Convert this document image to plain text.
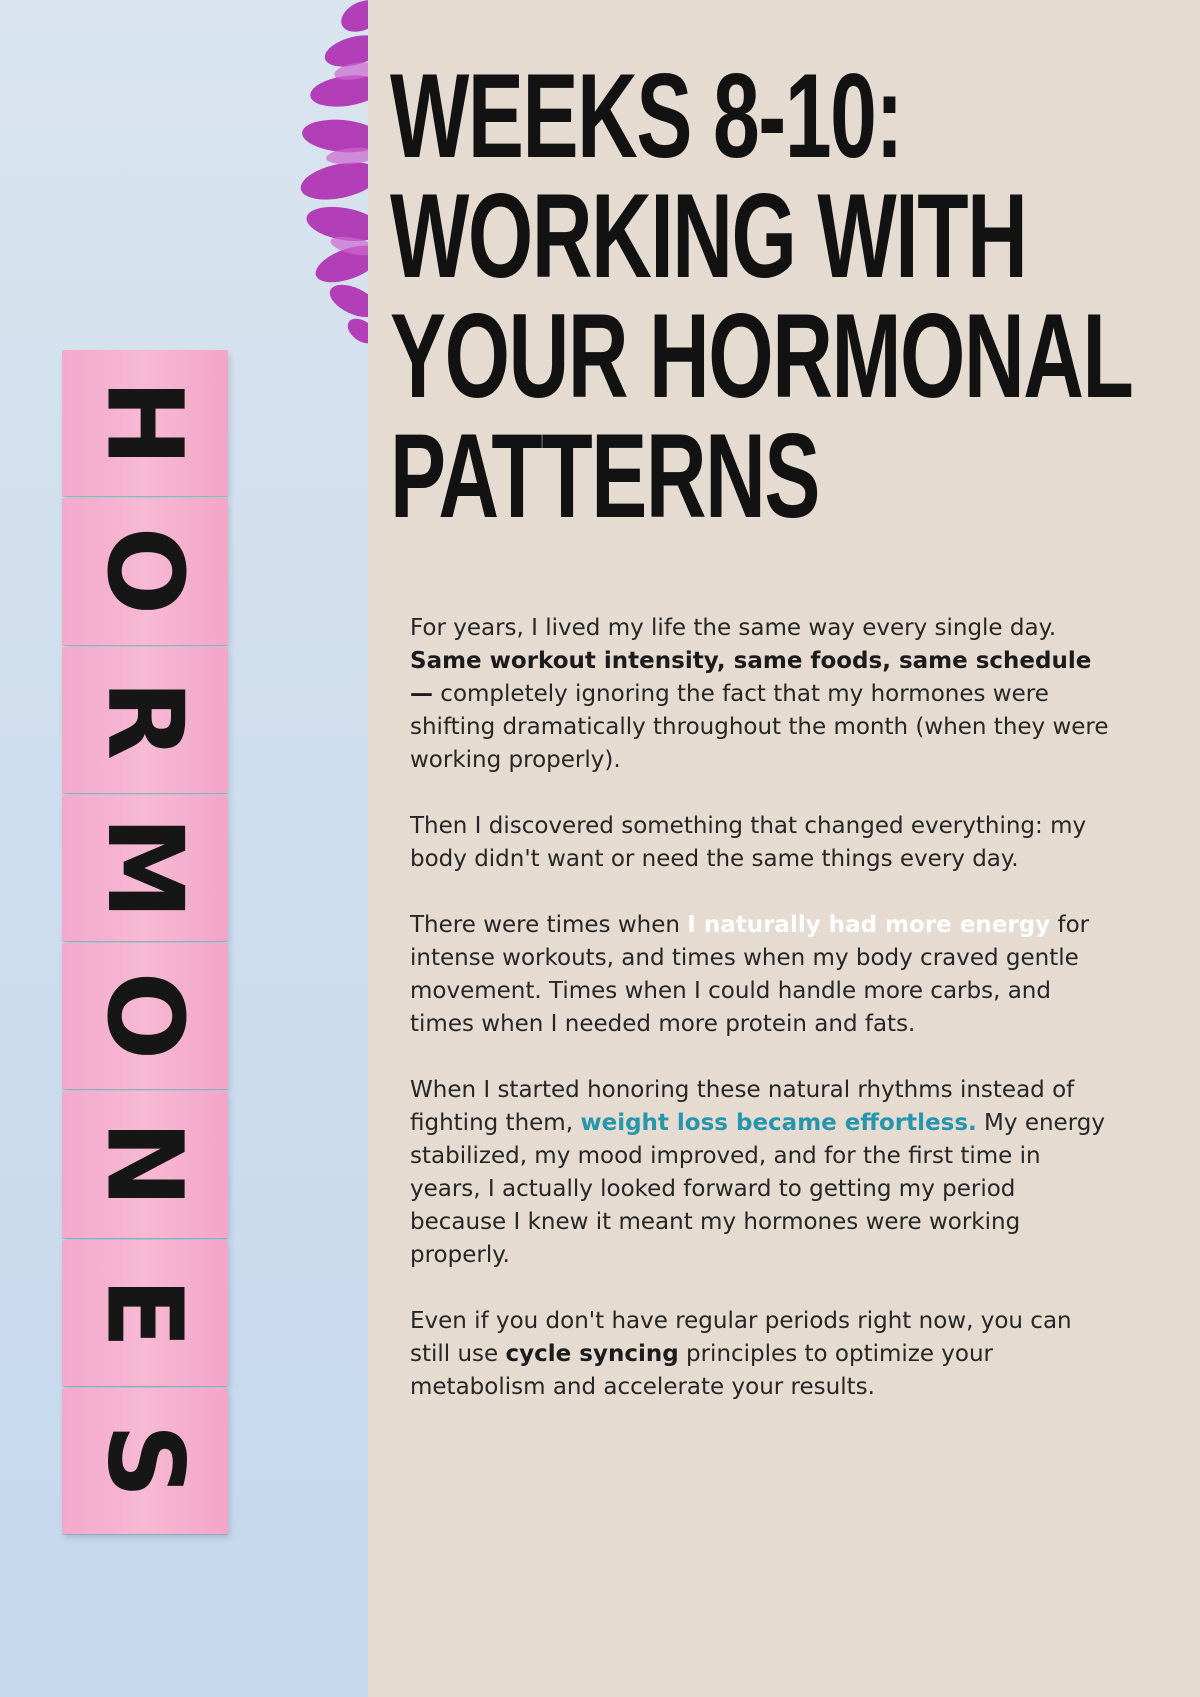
H
O
R
M
O
N
E
S
WEEKS 8-10:
WORKING WITH
YOUR HORMONAL
PATTERNS

For years, I lived my life the same way every single day. Same workout intensity, same foods, same schedule— completely ignoring the fact that my hormones were shifting dramatically throughout the month (when they were working properly).

Then I discovered something that changed everything: my body didn't want or need the same things every day.

There were times when I naturally had more energy for intense workouts, and times when my body craved gentle movement. Times when I could handle more carbs, and times when I needed more protein and fats.

When I started honoring these natural rhythms instead of fighting them, weight loss became effortless. My energy stabilized, my mood improved, and for the first time in years, I actually looked forward to getting my period because I knew it meant my hormones were working properly.

Even if you don't have regular periods right now, you can still use cycle syncing principles to optimize your metabolism and accelerate your results.
